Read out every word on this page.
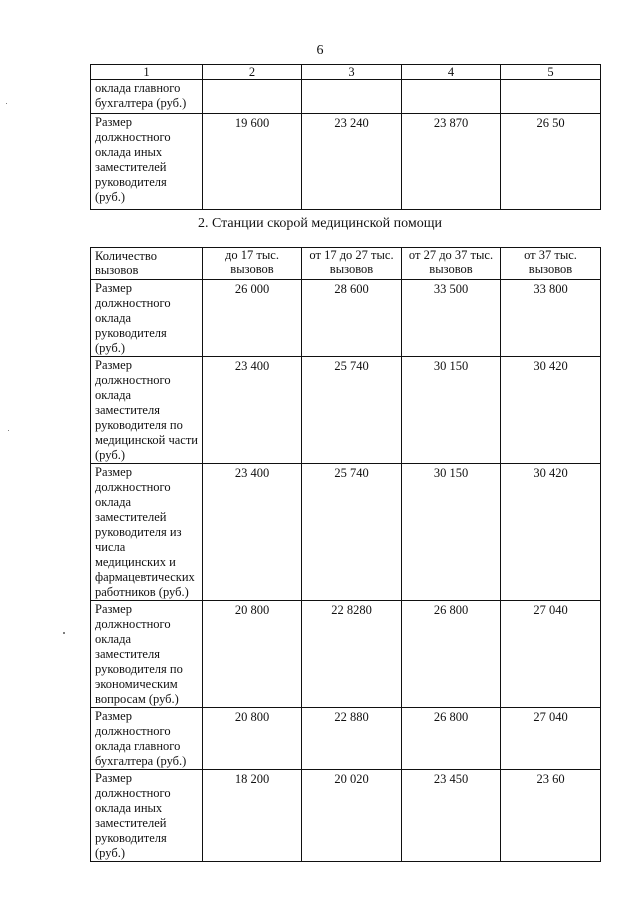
6
1	2	3	4	5
оклада главного бухгалтера (руб.)				
Размер должностного оклада иных заместителей руководителя (руб.)	19 600	23 240	23 870	26 50
2. Станции скорой медицинской помощи
Количество вызовов	до 17 тыс. вызовов	от 17 до 27 тыс. вызовов	от 27 до 37 тыс. вызовов	от 37 тыс. вызовов
Размер должностного оклада руководителя (руб.)	26 000	28 600	33 500	33 800
Размер должностного оклада заместителя руководителя по медицинской части (руб.)	23 400	25 740	30 150	30 420
Размер должностного оклада заместителей руководителя из числа медицинских и фармацевтических работников (руб.)	23 400	25 740	30 150	30 420
Размер должностного оклада заместителя руководителя по экономическим вопросам (руб.)	20 800	22 8280	26 800	27 040
Размер должностного оклада главного бухгалтера (руб.)	20 800	22 880	26 800	27 040
Размер должностного оклада иных заместителей руководителя (руб.)	18 200	20 020	23 450	23 60
